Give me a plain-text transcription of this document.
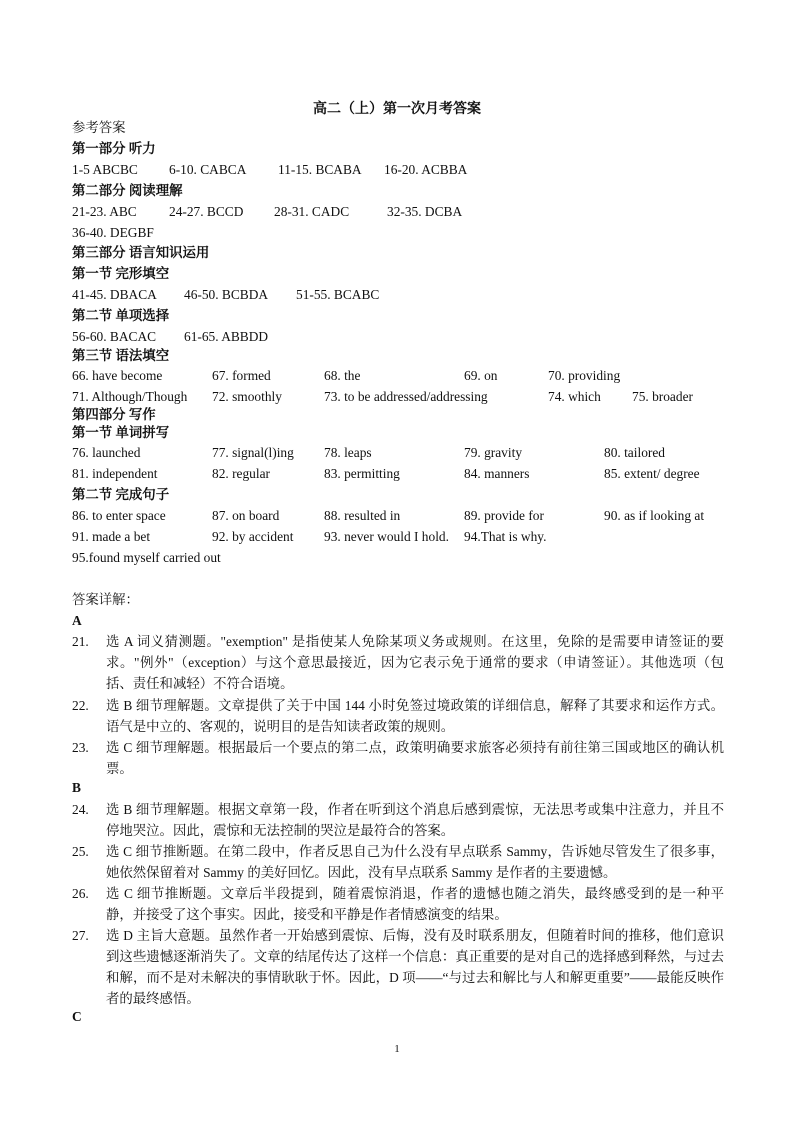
高二（上）第一次月考答案
参考答案
第一部分 听力
1-5 ABCBC 6-10. CABCA 11-15. BCABA 16-20. ACBBA
第二部分 阅读理解
21-23. ABC 24-27. BCCD 28-31. CADC	32-35. DCBA
36-40. DEGBF
第三部分 语言知识运用
第一节 完形填空
41-45. DBACA 46-50. BCBDA 51-55. BCABC
第二节 单项选择
56-60. BACAC 61-65. ABBDD
第三节 语法填空
66. have become	67. formed	68. the	69. on	70. providing
71. Although/Though 72. smoothly	73. to be addressed/addressing	74. which 75. broader
第四部分 写作
第一节 单词拼写
76. launched	77. signal(l)ing 78. leaps	79. gravity	80. tailored
81. independent	82. regular	83. permitting	84. manners	85. extent/ degree
第二节 完成句子
86. to enter space	87. on board	88. resulted in	89. provide for	90. as if looking at
91. made a bet	92. by accident 93. never would I hold. 94.That is why.
95.found myself carried out
答案详解：
A
21.	选 A 词义猜测题。"exemption" 是指使某人免除某项义务或规则。在这里，免除的是需要申请签证的要求。"例外"（exception）与这个意思最接近，因为它表示免于通常的要求（申请签证）。其他选项（包括、责任和减轻）不符合语境。
22.	选 B 细节理解题。文章提供了关于中国 144 小时免签过境政策的详细信息，解释了其要求和运作方式。语气是中立的、客观的，说明目的是告知读者政策的规则。
23.	选 C 细节理解题。根据最后一个要点的第二点，政策明确要求旅客必须持有前往第三国或地区的确认机票。
B
24.	选 B 细节理解题。根据文章第一段，作者在听到这个消息后感到震惊，无法思考或集中注意力，并且不停地哭泣。因此，震惊和无法控制的哭泣是最符合的答案。
25.	选 C 细节推断题。在第二段中，作者反思自己为什么没有早点联系 Sammy，告诉她尽管发生了很多事，她依然保留着对 Sammy 的美好回忆。因此，没有早点联系 Sammy 是作者的主要遗憾。
26.	选 C 细节推断题。文章后半段提到，随着震惊消退，作者的遗憾也随之消失，最终感受到的是一种平静，并接受了这个事实。因此，接受和平静是作者情感演变的结果。
27.	选 D 主旨大意题。虽然作者一开始感到震惊、后悔，没有及时联系朋友，但随着时间的推移，他们意识到这些遗憾逐渐消失了。文章的结尾传达了这样一个信息：真正重要的是对自己的选择感到释然，与过去和解，而不是对未解决的事情耿耿于怀。因此，D 项——“与过去和解比与人和解更重要”——最能反映作者的最终感悟。
C
1
